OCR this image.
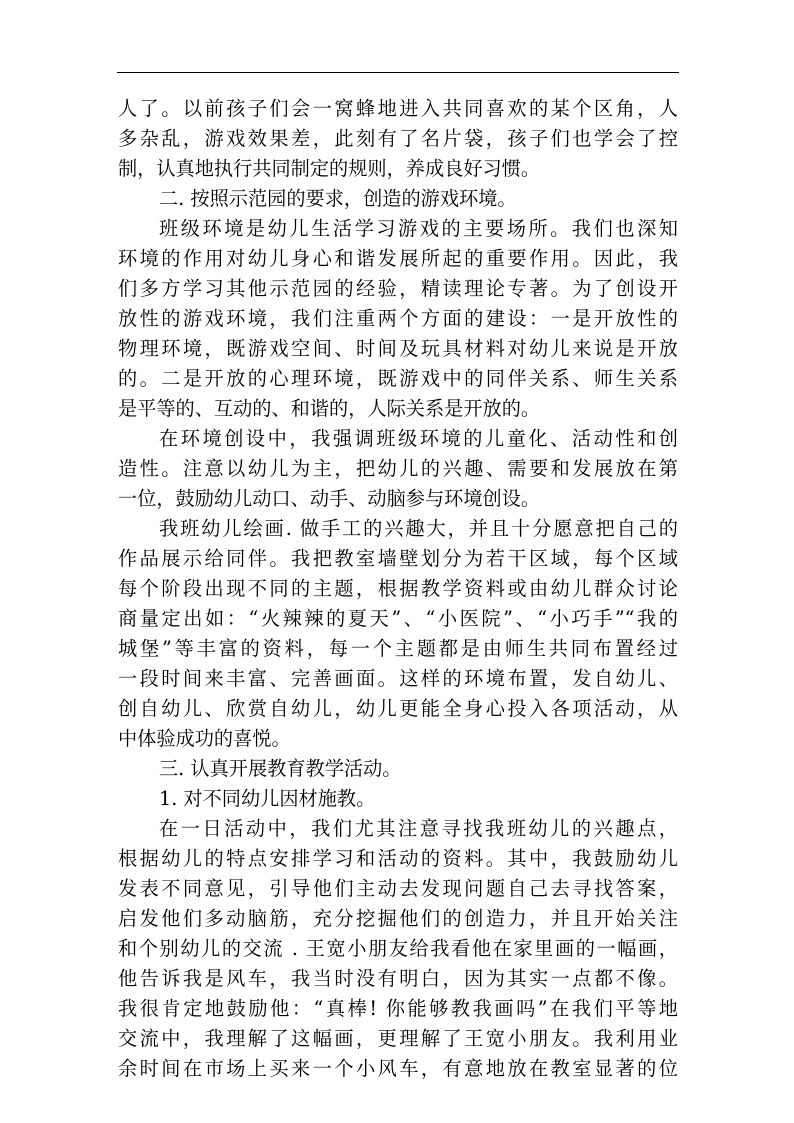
人了。以前孩子们会一窝蜂地进入共同喜欢的某个区角，人
多杂乱，游戏效果差，此刻有了名片袋，孩子们也学会了控
制，认真地执行共同制定的规则，养成良好习惯。
二. 按照示范园的要求，创造的游戏环境。
班级环境是幼儿生活学习游戏的主要场所。我们也深知
环境的作用对幼儿身心和谐发展所起的重要作用。因此，我
们多方学习其他示范园的经验，精读理论专著。为了创设开
放性的游戏环境，我们注重两个方面的建设：一是开放性的
物理环境，既游戏空间、时间及玩具材料对幼儿来说是开放
的。二是开放的心理环境，既游戏中的同伴关系、师生关系
是平等的、互动的、和谐的，人际关系是开放的。
在环境创设中，我强调班级环境的儿童化、活动性和创
造性。注意以幼儿为主，把幼儿的兴趣、需要和发展放在第
一位，鼓励幼儿动口、动手、动脑参与环境创设。
我班幼儿绘画. 做手工的兴趣大，并且十分愿意把自己的
作品展示给同伴。我把教室墙壁划分为若干区域，每个区域
每个阶段出现不同的主题，根据教学资料或由幼儿群众讨论
商量定出如：“火辣辣的夏天”、“小医院”、“小巧手”“我的
城堡”等丰富的资料，每一个主题都是由师生共同布置经过
一段时间来丰富、完善画面。这样的环境布置，发自幼儿、
创自幼儿、欣赏自幼儿，幼儿更能全身心投入各项活动，从
中体验成功的喜悦。
三. 认真开展教育教学活动。
1. 对不同幼儿因材施教。
在一日活动中，我们尤其注意寻找我班幼儿的兴趣点，
根据幼儿的特点安排学习和活动的资料。其中，我鼓励幼儿
发表不同意见，引导他们主动去发现问题自己去寻找答案，
启发他们多动脑筋，充分挖掘他们的创造力，并且开始关注
和个别幼儿的交流 . 王宽小朋友给我看他在家里画的一幅画，
他告诉我是风车，我当时没有明白，因为其实一点都不像。
我很肯定地鼓励他：“真棒! 你能够教我画吗”在我们平等地
交流中，我理解了这幅画，更理解了王宽小朋友。我利用业
余时间在市场上买来一个小风车，有意地放在教室显著的位
